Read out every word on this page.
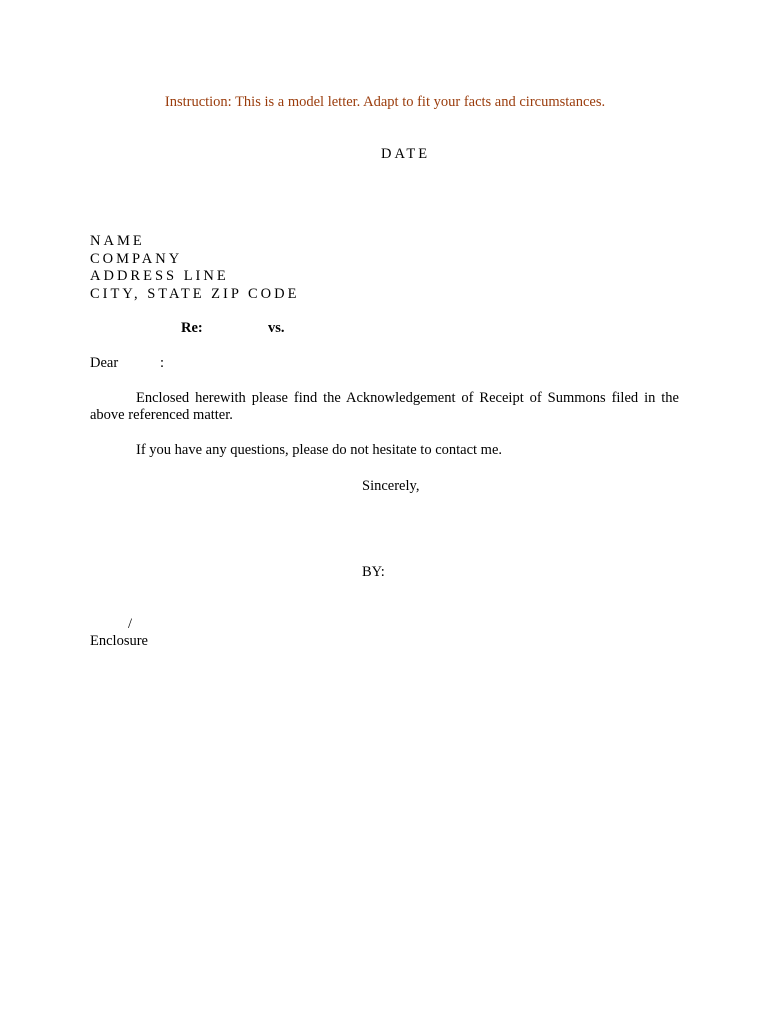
Instruction: This is a model letter. Adapt to fit your facts and circumstances.
DATE
NAME
COMPANY
ADDRESS LINE
CITY, STATE ZIP CODE
Re:	vs.
Dear	:
Enclosed herewith please find the Acknowledgement of Receipt of Summons filed in the above referenced matter.
If you have any questions, please do not hesitate to contact me.
Sincerely,
BY:
/
Enclosure
